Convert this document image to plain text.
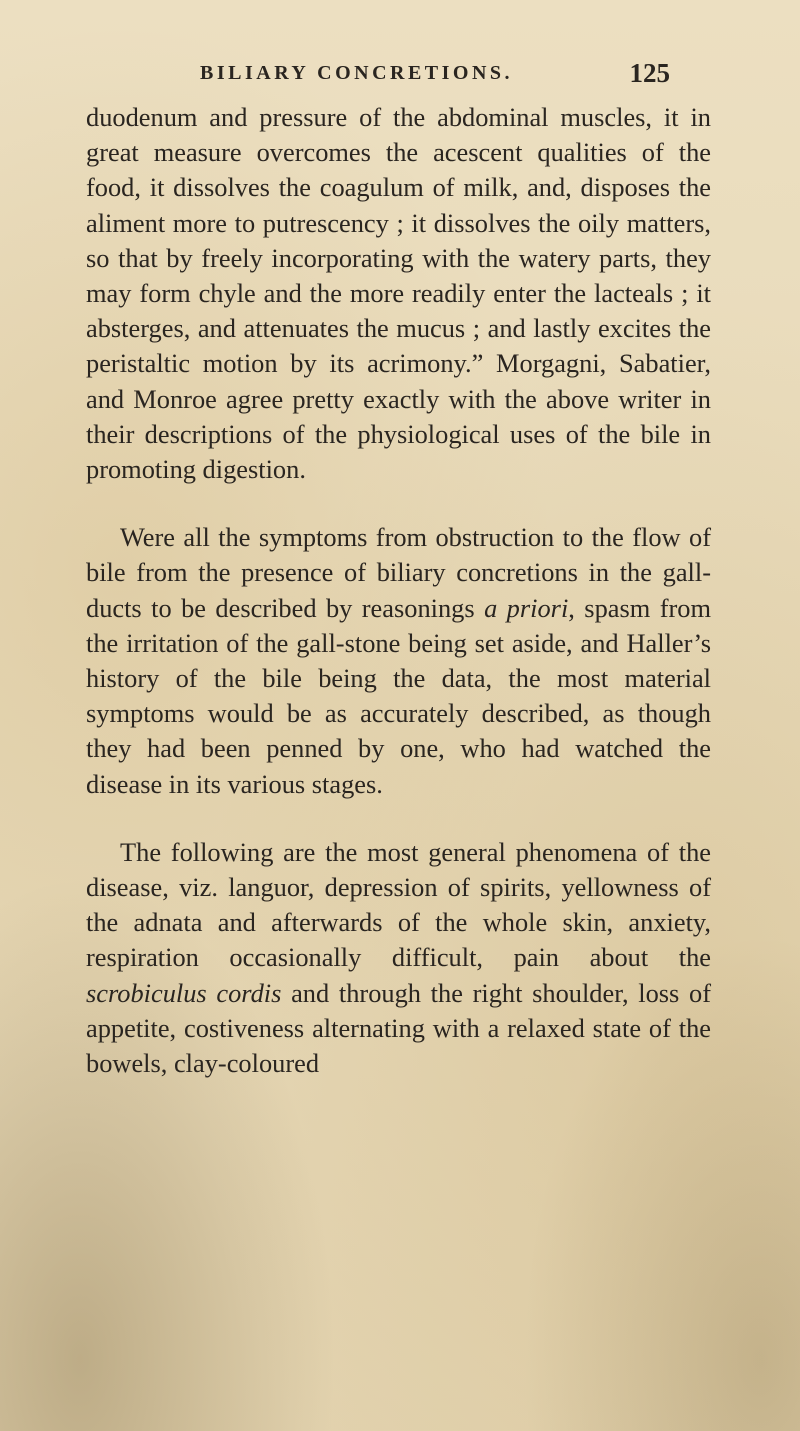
BILIARY CONCRETIONS.	125

duodenum and pressure of the abdominal muscles, it in great measure overcomes the acescent qualities of the food, it dissolves the coagulum of milk, and, disposes the aliment more to putrescency ; it dissolves the oily matters, so that by freely incorporating with the watery parts, they may form chyle and the more readily enter the lacteals ; it absterges, and attenuates the mucus ; and lastly excites the peristaltic motion by its acrimony.” Morgagni, Sabatier, and Monroe agree pretty exactly with the above writer in their descriptions of the physiological uses of the bile in promoting digestion.

Were all the symptoms from obstruction to the flow of bile from the presence of biliary concretions in the gall-ducts to be described by reasonings a priori, spasm from the irritation of the gall-stone being set aside, and Haller’s history of the bile being the data, the most material symptoms would be as accurately described, as though they had been penned by one, who had watched the disease in its various stages.

The following are the most general phenomena of the disease, viz. languor, depression of spirits, yellowness of the adnata and afterwards of the whole skin, anxiety, respiration occasionally difficult, pain about the scrobiculus cordis and through the right shoulder, loss of appetite, costiveness alternating with a relaxed state of the bowels, clay-coloured
